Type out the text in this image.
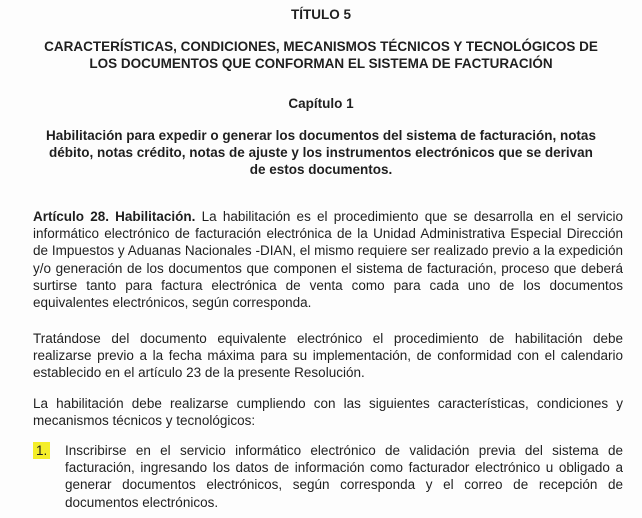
TÍTULO 5
CARACTERÍSTICAS, CONDICIONES, MECANISMOS TÉCNICOS Y TECNOLÓGICOS DE LOS DOCUMENTOS QUE CONFORMAN EL SISTEMA DE FACTURACIÓN
Capítulo 1
Habilitación para expedir o generar los documentos del sistema de facturación, notas débito, notas crédito, notas de ajuste y los instrumentos electrónicos que se derivan de estos documentos.
Artículo 28. Habilitación. La habilitación es el procedimiento que se desarrolla en el servicio informático electrónico de facturación electrónica de la Unidad Administrativa Especial Dirección de Impuestos y Aduanas Nacionales -DIAN, el mismo requiere ser realizado previo a la expedición y/o generación de los documentos que componen el sistema de facturación, proceso que deberá surtirse tanto para factura electrónica de venta como para cada uno de los documentos equivalentes electrónicos, según corresponda.
Tratándose del documento equivalente electrónico el procedimiento de habilitación debe realizarse previo a la fecha máxima para su implementación, de conformidad con el calendario establecido en el artículo 23 de la presente Resolución.
La habilitación debe realizarse cumpliendo con las siguientes características, condiciones y mecanismos técnicos y tecnológicos:
1. Inscribirse en el servicio informático electrónico de validación previa del sistema de facturación, ingresando los datos de información como facturador electrónico u obligado a generar documentos electrónicos, según corresponda y el correo de recepción de documentos electrónicos.
